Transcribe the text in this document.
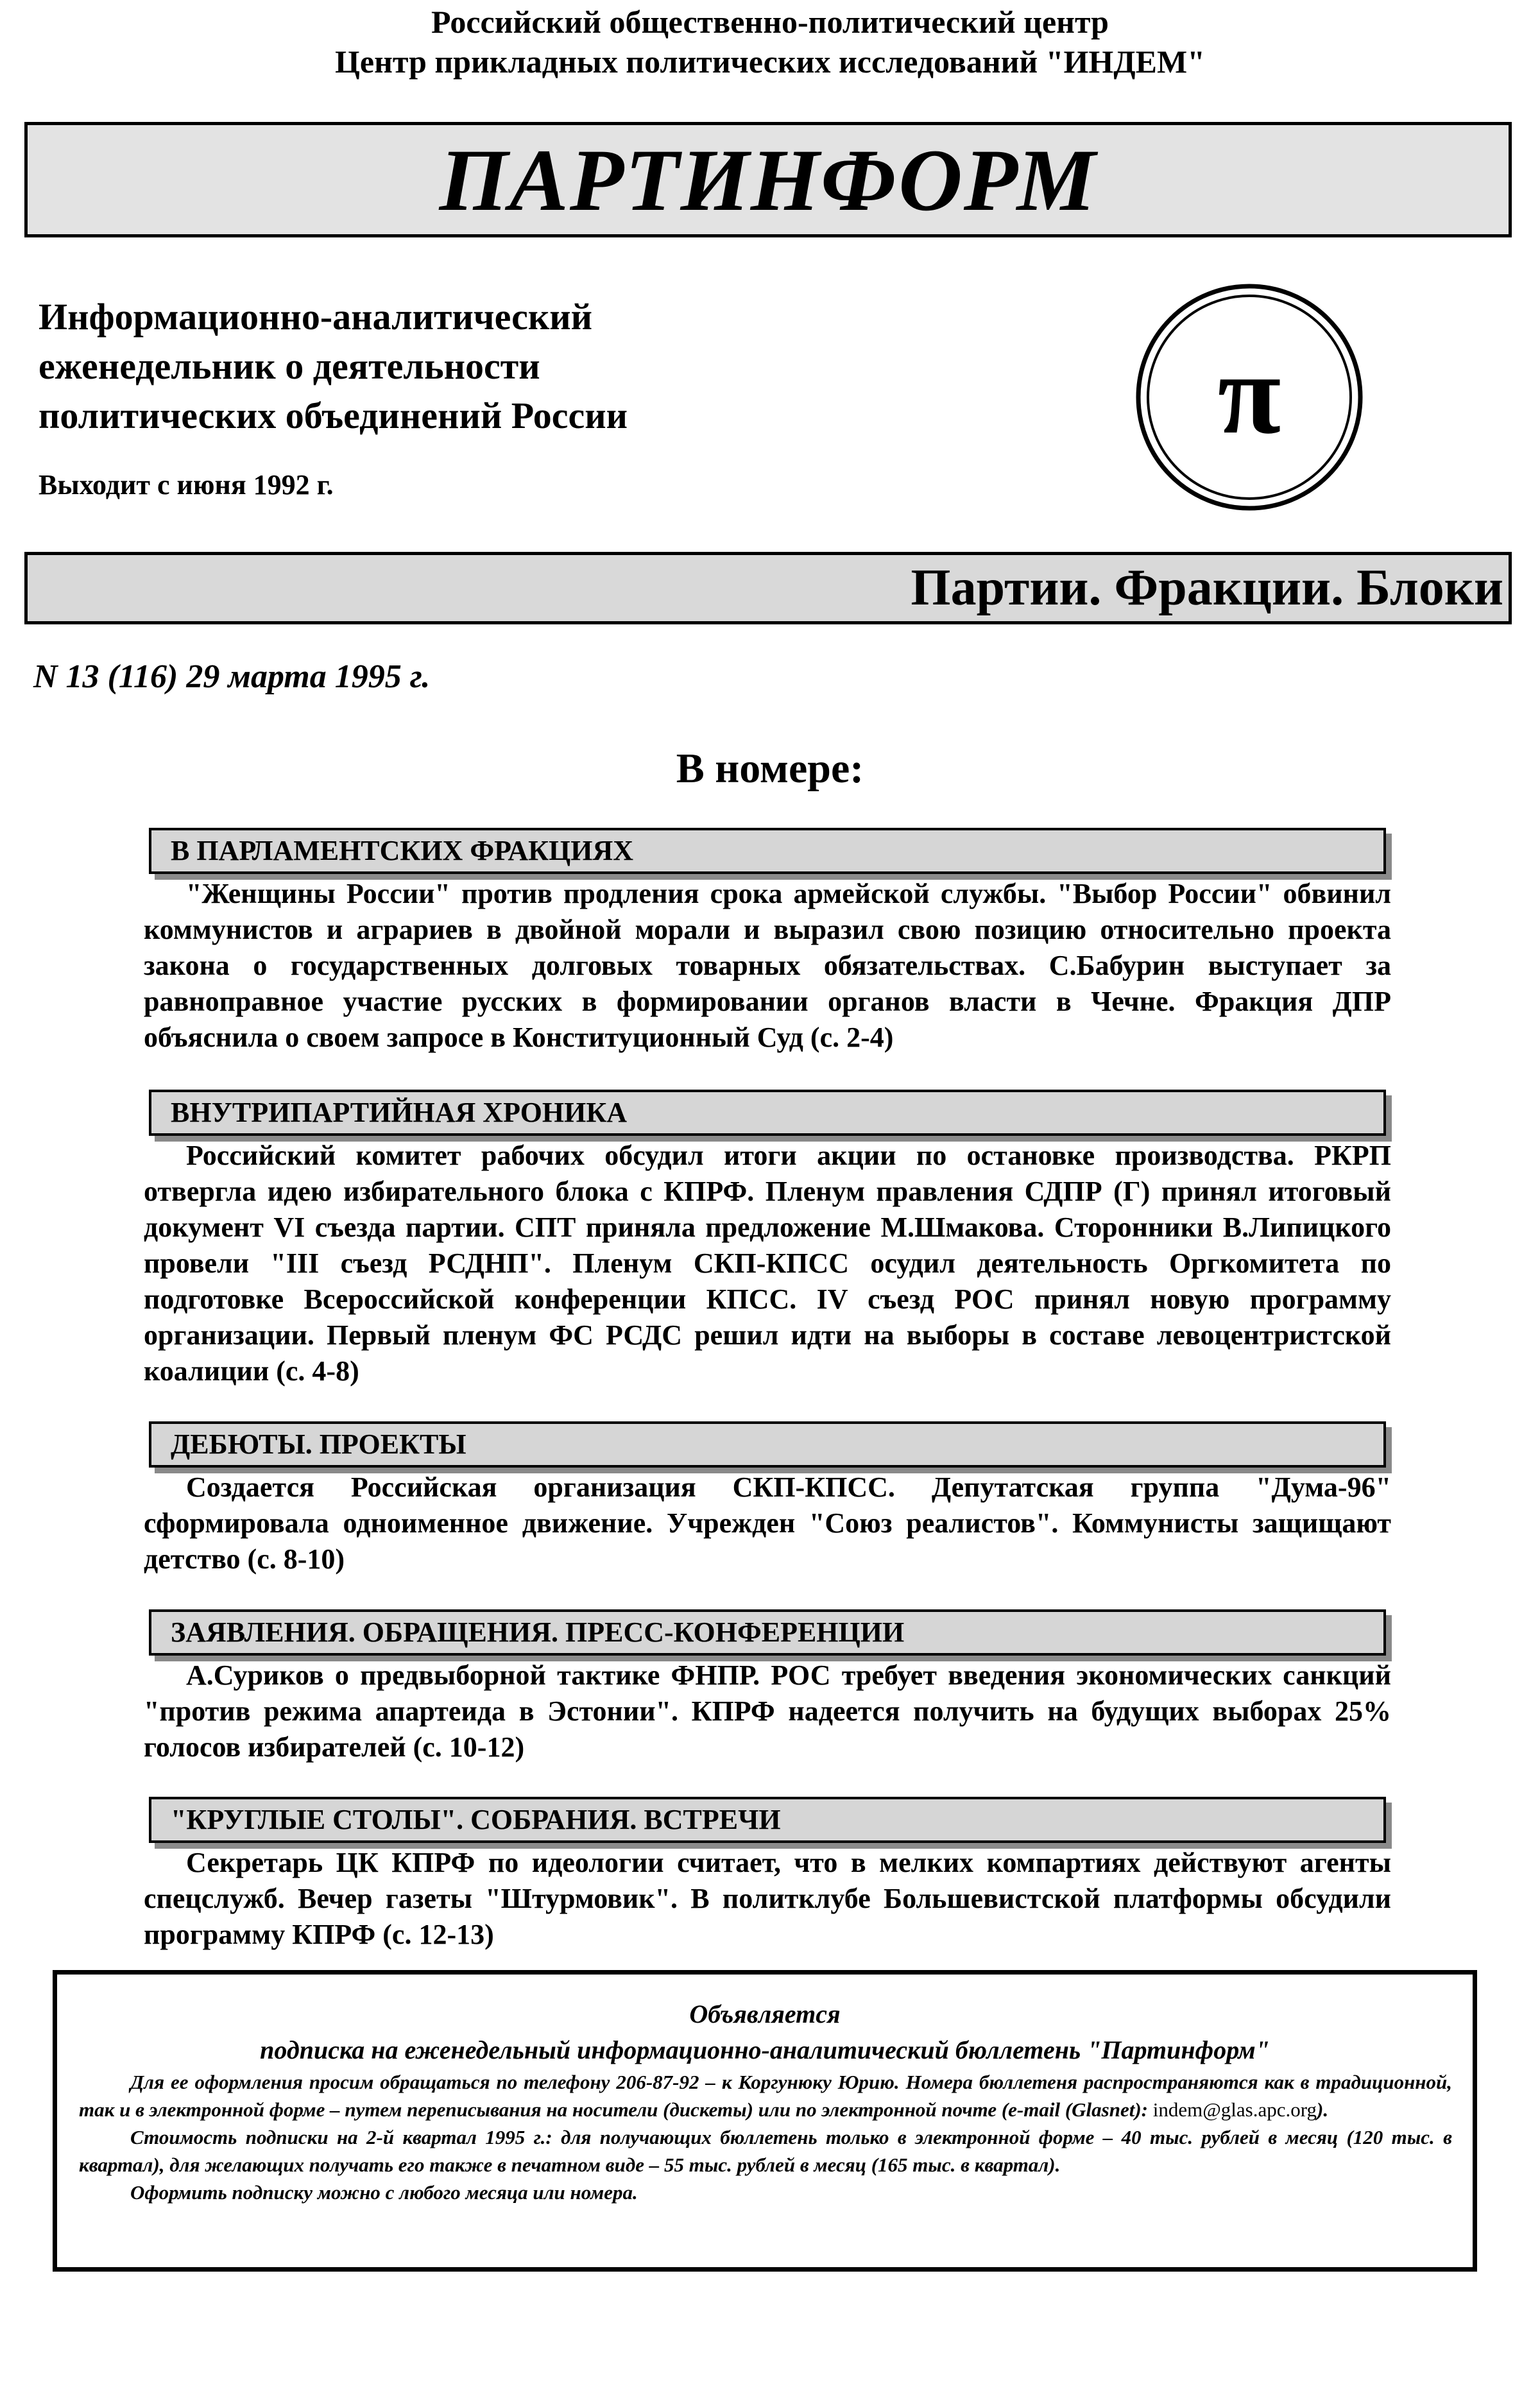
Российский общественно-политический центр
Центр прикладных политических исследований "ИНДЕМ"
ПАРТИНФОРМ
Информационно-аналитический
еженедельник о деятельности
политических объединений России
Выходит с июня 1992 г.
π
Партии. Фракции. Блоки
N 13 (116) 29 марта 1995 г.
В номере:
В ПАРЛАМЕНТСКИХ ФРАКЦИЯХ
"Женщины России" против продления срока армейской службы. "Выбор России" обвинил коммунистов и аграриев в двойной морали и выразил свою позицию относительно проекта закона о государственных долговых товарных обязательствах. С.Бабурин выступает за равноправное участие русских в формировании органов власти в Чечне. Фракция ДПР объяснила о своем запросе в Конституционный Суд (с. 2-4)
ВНУТРИПАРТИЙНАЯ ХРОНИКА
Российский комитет рабочих обсудил итоги акции по остановке производства. РКРП отвергла идею избирательного блока с КПРФ. Пленум правления СДПР (Г) принял итоговый документ VI съезда партии. СПТ приняла предложение М.Шмакова. Сторонники В.Липицкого провели "III съезд РСДНП". Пленум СКП-КПСС осудил деятельность Оргкомитета по подготовке Всероссийской конференции КПСС. IV съезд РОС принял новую программу организации. Первый пленум ФС РСДС решил идти на выборы в составе левоцентристской коалиции (с. 4-8)
ДЕБЮТЫ. ПРОЕКТЫ
Создается Российская организация СКП-КПСС. Депутатская группа "Дума-96" сформировала одноименное движение. Учрежден "Союз реалистов". Коммунисты защищают детство (с. 8-10)
ЗАЯВЛЕНИЯ. ОБРАЩЕНИЯ. ПРЕСС-КОНФЕРЕНЦИИ
А.Суриков о предвыборной тактике ФНПР. РОС требует введения экономических санкций "против режима апартеида в Эстонии". КПРФ надеется получить на будущих выборах 25% голосов избирателей (с. 10-12)
"КРУГЛЫЕ СТОЛЫ". СОБРАНИЯ. ВСТРЕЧИ
Секретарь ЦК КПРФ по идеологии считает, что в мелких компартиях действуют агенты спецслужб. Вечер газеты "Штурмовик". В политклубе Большевистской платформы обсудили программу КПРФ (с. 12-13)
Объявляется
подписка на еженедельный информационно-аналитический бюллетень "Партинформ"

Для ее оформления просим обращаться по телефону 206-87-92 – к Коргунюку Юрию. Номера бюллетеня распространяются как в традиционной, так и в электронной форме – путем переписывания на носители (дискеты) или по электронной почте (e-mail (Glasnet): indem@glas.apc.org).

Стоимость подписки на 2-й квартал 1995 г.: для получающих бюллетень только в электронной форме – 40 тыс. рублей в месяц (120 тыс. в квартал), для желающих получать его также в печатном виде – 55 тыс. рублей в месяц (165 тыс. в квартал).

Оформить подписку можно с любого месяца или номера.
